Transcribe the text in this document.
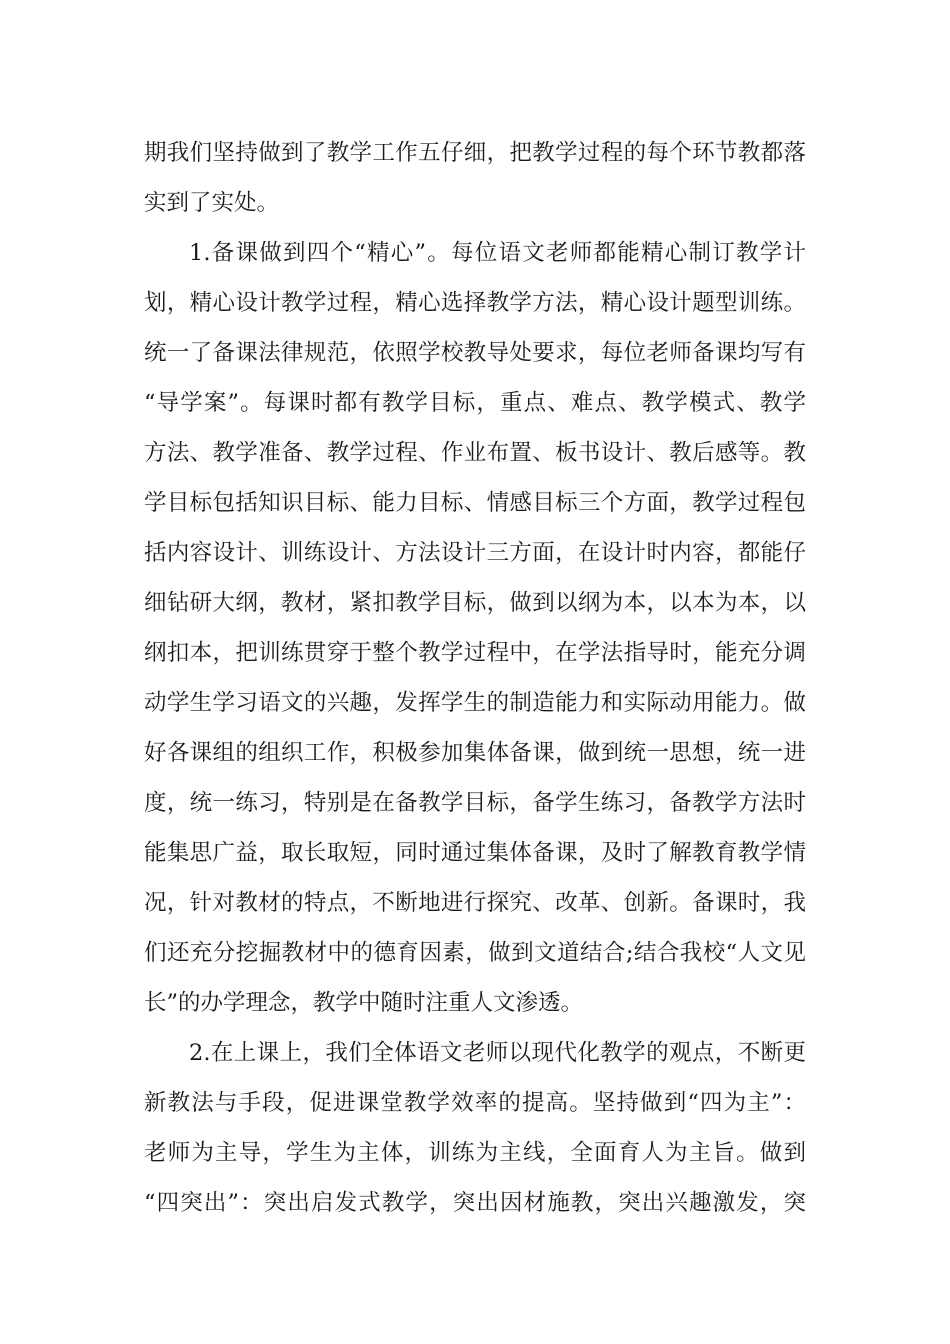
期我们坚持做到了教学工作五仔细，把教学过程的每个环节教都落

实到了实处。

1.备课做到四个“精心”。每位语文老师都能精心制订教学计

划，精心设计教学过程，精心选择教学方法，精心设计题型训练。

统一了备课法律规范，依照学校教导处要求，每位老师备课均写有

“导学案”。每课时都有教学目标，重点、难点、教学模式、教学

方法、教学准备、教学过程、作业布置、板书设计、教后感等。教

学目标包括知识目标、能力目标、情感目标三个方面，教学过程包

括内容设计、训练设计、方法设计三方面，在设计时内容，都能仔

细钻研大纲，教材，紧扣教学目标，做到以纲为本，以本为本，以

纲扣本，把训练贯穿于整个教学过程中，在学法指导时，能充分调

动学生学习语文的兴趣，发挥学生的制造能力和实际动用能力。做

好各课组的组织工作，积极参加集体备课，做到统一思想，统一进

度，统一练习，特别是在备教学目标，备学生练习，备教学方法时

能集思广益，取长取短，同时通过集体备课，及时了解教育教学情

况，针对教材的特点，不断地进行探究、改革、创新。备课时，我

们还充分挖掘教材中的德育因素，做到文道结合;结合我校“人文见

长”的办学理念，教学中随时注重人文渗透。

2.在上课上，我们全体语文老师以现代化教学的观点，不断更

新教法与手段，促进课堂教学效率的提高。坚持做到“四为主”：

老师为主导，学生为主体，训练为主线，全面育人为主旨。做到

“四突出”：突出启发式教学，突出因材施教，突出兴趣激发，突
